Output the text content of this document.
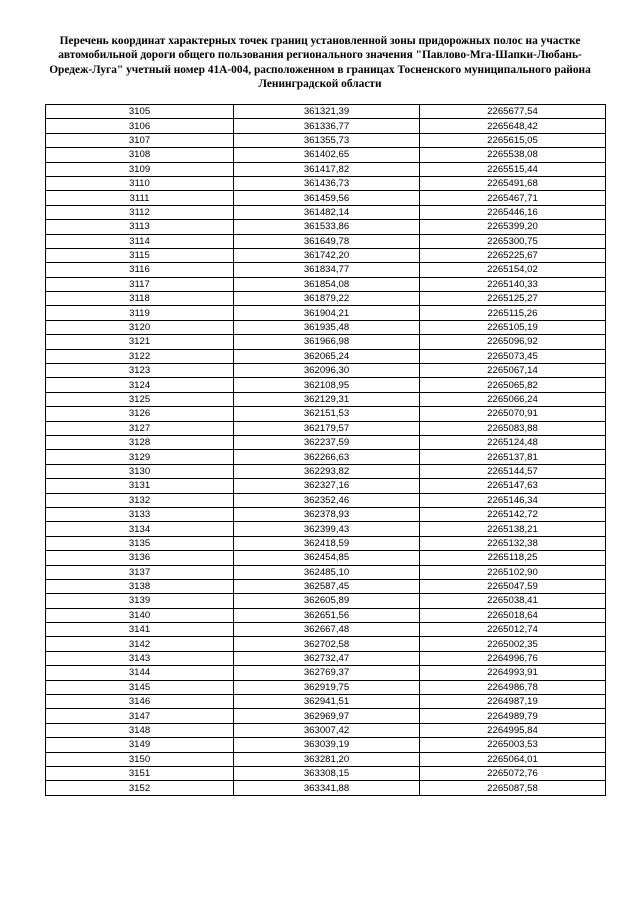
Перечень координат характерных точек границ установленной зоны придорожных полос на участке автомобильной дороги общего пользования регионального значения "Павлово-Мга-Шапки-Любань-Оредеж-Луга" учетный номер 41А-004, расположенном в границах Тосненского муниципального района Ленинградской области
3105	361321,39	2265677,54
3106	361336,77	2265648,42
3107	361355,73	2265615,05
3108	361402,65	2265538,08
3109	361417,82	2265515,44
3110	361436,73	2265491,68
3111	361459,56	2265467,71
3112	361482,14	2265446,16
3113	361533,86	2265399,20
3114	361649,78	2265300,75
3115	361742,20	2265225,67
3116	361834,77	2265154,02
3117	361854,08	2265140,33
3118	361879,22	2265125,27
3119	361904,21	2265115,26
3120	361935,48	2265105,19
3121	361966,98	2265096,92
3122	362065,24	2265073,45
3123	362096,30	2265067,14
3124	362108,95	2265065,82
3125	362129,31	2265066,24
3126	362151,53	2265070,91
3127	362179,57	2265083,88
3128	362237,59	2265124,48
3129	362266,63	2265137,81
3130	362293,82	2265144,57
3131	362327,16	2265147,63
3132	362352,46	2265146,34
3133	362378,93	2265142,72
3134	362399,43	2265138,21
3135	362418,59	2265132,38
3136	362454,85	2265118,25
3137	362485,10	2265102,90
3138	362587,45	2265047,59
3139	362605,89	2265038,41
3140	362651,56	2265018,64
3141	362667,48	2265012,74
3142	362702,58	2265002,35
3143	362732,47	2264996,76
3144	362769,37	2264993,91
3145	362919,75	2264986,78
3146	362941,51	2264987,19
3147	362969,97	2264989,79
3148	363007,42	2264995,84
3149	363039,19	2265003,53
3150	363281,20	2265064,01
3151	363308,15	2265072,76
3152	363341,88	2265087,58
